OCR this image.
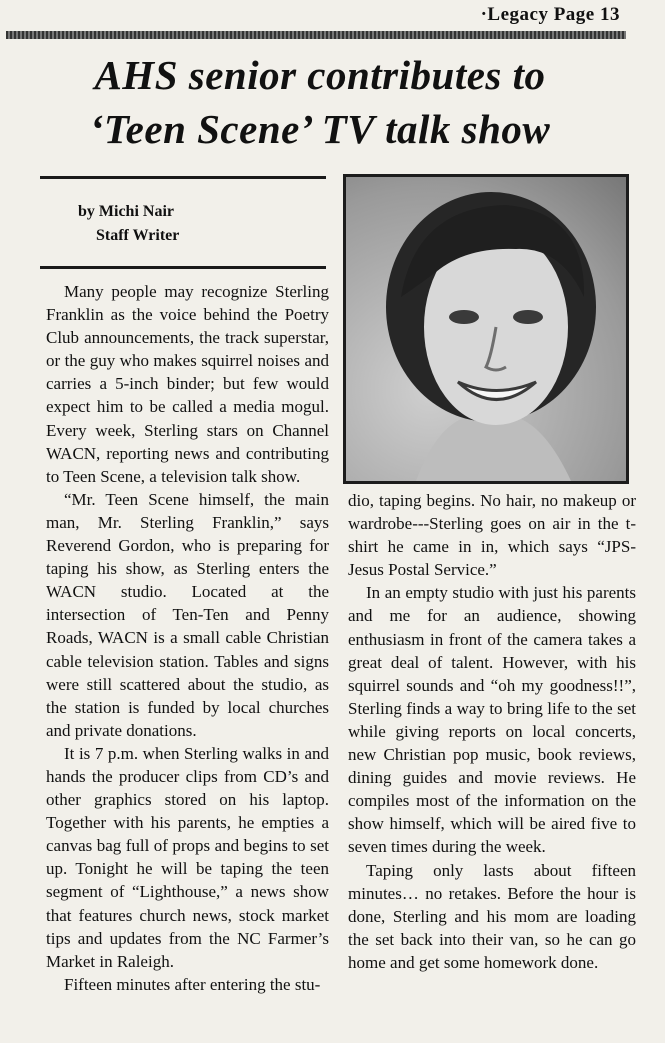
·Legacy Page 13
AHS senior contributes to
‘Teen Scene’ TV talk show
by Michi Nair
Staff Writer

Many people may recognize Sterling Franklin as the voice behind the Poetry Club announcements, the track superstar, or the guy who makes squirrel noises and carries a 5-inch binder; but few would expect him to be called a media mogul. Every week, Sterling stars on Channel WACN, reporting news and contributing to Teen Scene, a television talk show.

“Mr. Teen Scene himself, the main man, Mr. Sterling Franklin,” says Reverend Gordon, who is preparing for taping his show, as Sterling enters the WACN studio. Located at the intersection of Ten-Ten and Penny Roads, WACN is a small cable Christian cable television station. Tables and signs were still scattered about the studio, as the station is funded by local churches and private donations.

It is 7 p.m. when Sterling walks in and hands the producer clips from CD’s and other graphics stored on his laptop. Together with his parents, he empties a canvas bag full of props and begins to set up. Tonight he will be taping the teen segment of “Lighthouse,” a news show that features church news, stock market tips and updates from the NC Farmer’s Market in Raleigh.

Fifteen minutes after entering the stu-

dio, taping begins. No hair, no makeup or wardrobe---Sterling goes on air in the t-shirt he came in in, which says “JPS- Jesus Postal Service.”

In an empty studio with just his parents and me for an audience, showing enthusiasm in front of the camera takes a great deal of talent. However, with his squirrel sounds and “oh my goodness!!”, Sterling finds a way to bring life to the set while giving reports on local concerts, new Christian pop music, book reviews, dining guides and movie reviews. He compiles most of the information on the show himself, which will be aired five to seven times during the week.

Taping only lasts about fifteen minutes… no retakes. Before the hour is done, Sterling and his mom are loading the set back into their van, so he can go home and get some homework done.
